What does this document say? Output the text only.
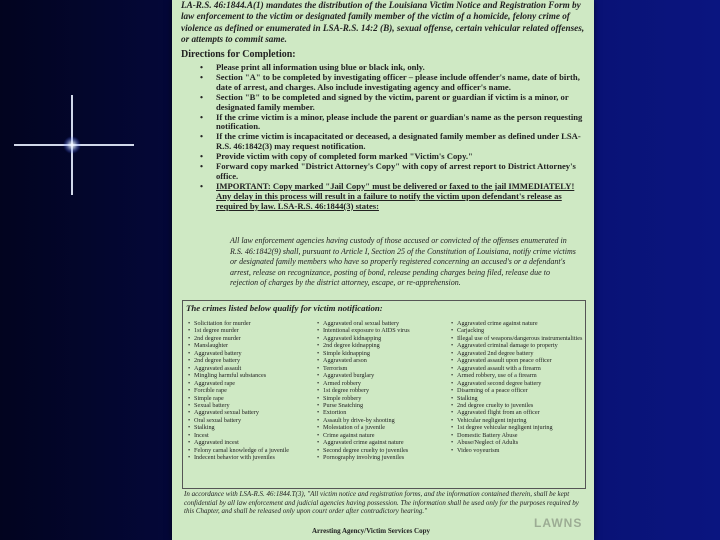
LA-R.S. 46:1844.A(1) mandates the distribution of the Louisiana Victim Notice and Registration Form by law enforcement to the victim or designated family member of the victim of a homicide, felony crime of violence as defined or enumerated in LSA-R.S. 14:2 (B), sexual offense, certain vehicular related offenses, or attempts to commit same.

Directions for Completion:

• Please print all information using blue or black ink, only.
• Section "A" to be completed by investigating officer – please include offender's name, date of birth, date of arrest, and charges. Also include investigating agency and officer's name.
• Section "B" to be completed and signed by the victim, parent or guardian if victim is a minor, or designated family member.
• If the crime victim is a minor, please include the parent or guardian's name as the person requesting notification.
• If the crime victim is incapacitated or deceased, a designated family member as defined under LSA-R.S. 46:1842(3) may request notification.
• Provide victim with copy of completed form marked "Victim's Copy."
• Forward copy marked "District Attorney's Copy" with copy of arrest report to District Attorney's office.
• IMPORTANT: Copy marked "Jail Copy" must be delivered or faxed to the jail IMMEDIATELY! Any delay in this process will result in a failure to notify the victim upon defendant's release as required by law. LSA-R.S. 46:1844(3) states:

All law enforcement agencies having custody of those accused or convicted of the offenses enumerated in R.S. 46:1842(9) shall, pursuant to Article I, Section 25 of the Constitution of Louisiana, notify crime victims or designated family members who have so properly registered concerning an accused's or a defendant's arrest, release on recognizance, posting of bond, release pending charges being filed, release due to rejection of charges by the district attorney, escape, or re-apprehension.

The crimes listed below qualify for victim notification:

• Solicitation for murder
• 1st degree murder
• 2nd degree murder
• Manslaughter
• Aggravated battery
• 2nd degree battery
• Aggravated assault
• Mingling harmful substances
• Aggravated rape
• Forcible rape
• Simple rape
• Sexual battery
• Aggravated sexual battery
• Oral sexual battery
• Stalking
• Incest
• Aggravated incest
• Felony carnal knowledge of a juvenile
• Indecent behavior with juveniles
• Aggravated oral sexual battery
• Intentional exposure to AIDS virus
• Aggravated kidnapping
• 2nd degree kidnapping
• Simple kidnapping
• Aggravated arson
• Terrorism
• Aggravated burglary
• Armed robbery
• 1st degree robbery
• Simple robbery
• Purse Snatching
• Extortion
• Assault by drive-by shooting
• Molestation of a juvenile
• Crime against nature
• Aggravated crime against nature
• Second degree cruelty to juveniles
• Pornography involving juveniles
• Aggravated crime against nature
• Carjacking
• Illegal use of weapons/dangerous instrumentalities
• Aggravated criminal damage to property
• Aggravated 2nd degree battery
• Aggravated assault upon peace officer
• Aggravated assault with a firearm
• Armed robbery, use of a firearm
• Aggravated second degree battery
• Disarming of a peace officer
• Stalking
• 2nd degree cruelty to juveniles
• Aggravated flight from an officer
• Vehicular negligent injuring
• 1st degree vehicular negligent injuring
• Domestic Battery Abuse
• Abuse/Neglect of Adults
• Video voyeurism

In accordance with LSA-R.S. 46:1844.T(3), "All victim notice and registration forms, and the information contained therein, shall be kept confidential by all law enforcement and judicial agencies having possession. The information shall be used only for the purposes required by this Chapter, and shall be released only upon court order after contradictory hearing."

Arresting Agency/Victim Services Copy

LAWNS
